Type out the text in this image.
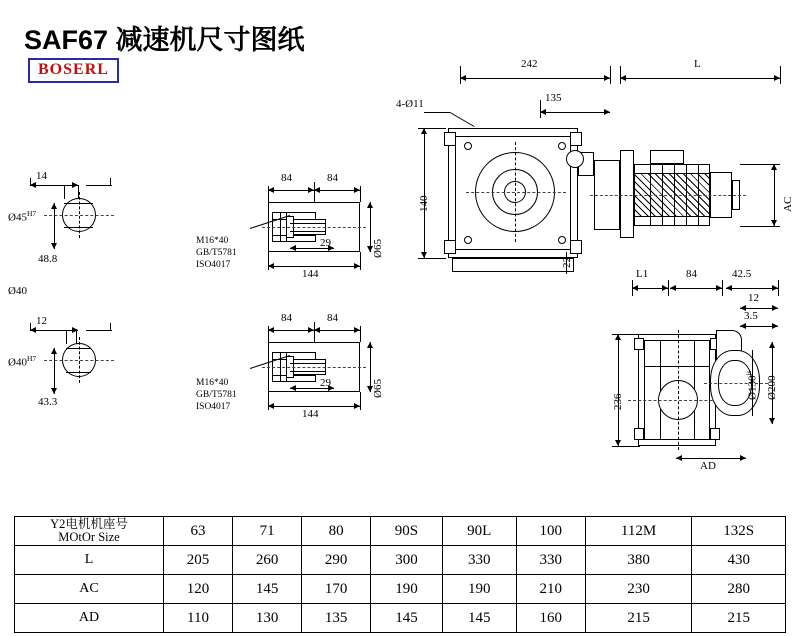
SAF67 减速机尺寸图纸
BOSERL
14
$Ø45^{H7}$
48.8
Ø40
12
$Ø40^{H7}$
43.3
84	84
M16*40
GB/T5781
ISO4017
29
144
Ø65
84	84
M16*40
GB/T5781
ISO4017
29
144
Ø65
242	L
135
4-Ø11
140
22
AC
L1	84	42.5
12
3.5
236
$Ø130^{js}$
Ø200
AD
Y2电机机座号
MOtOr Size	63	71	80	90S	90L	100	112M	132S
L	205	260	290	300	330	330	380	430
AC	120	145	170	190	190	210	230	280
AD	110	130	135	145	145	160	215	215
